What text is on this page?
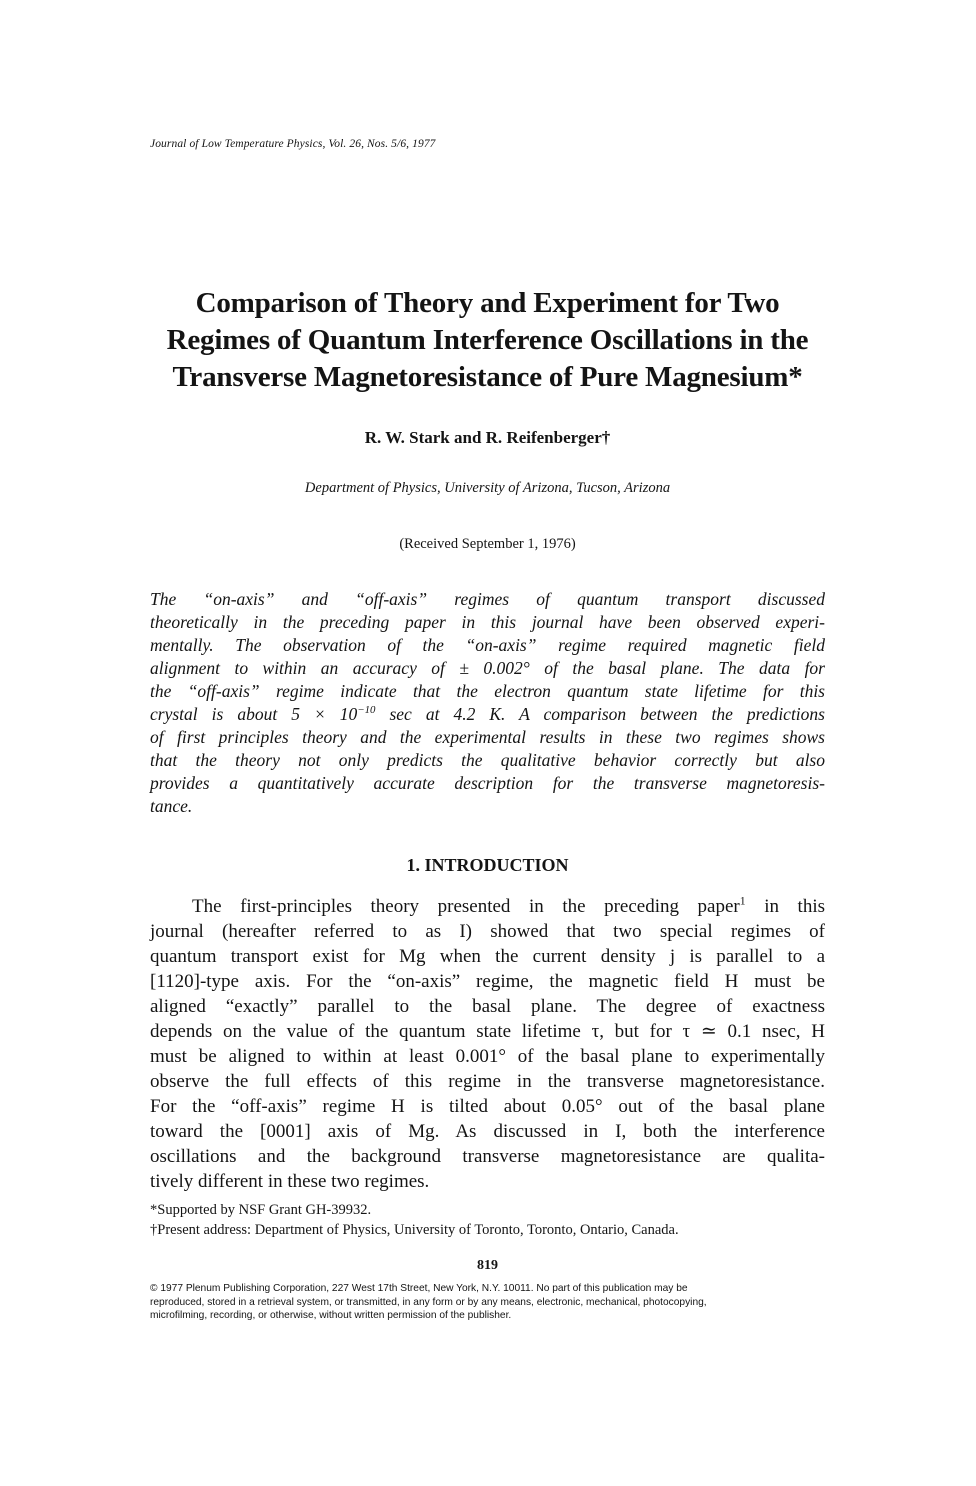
Journal of Low Temperature Physics, Vol. 26, Nos. 5/6, 1977
Comparison of Theory and Experiment for Two
Regimes of Quantum Interference Oscillations in the
Transverse Magnetoresistance of Pure Magnesium*
R. W. Stark and R. Reifenberger†
Department of Physics, University of Arizona, Tucson, Arizona
(Received September 1, 1976)
The “on-axis” and “off-axis” regimes of quantum transport discussed
theoretically in the preceding paper in this journal have been observed experi-
mentally. The observation of the “on-axis” regime required magnetic field
alignment to within an accuracy of ± 0.002° of the basal plane. The data for
the “off-axis” regime indicate that the electron quantum state lifetime for this
crystal is about $5 \times 10^{-10}$ sec at 4.2 K. A comparison between the predictions
of first principles theory and the experimental results in these two regimes shows
that the theory not only predicts the qualitative behavior correctly but also
provides a quantitatively accurate description for the transverse magnetoresis-
tance.
1. INTRODUCTION
The first-principles theory presented in the preceding paper$^1$ in this
journal (hereafter referred to as I) showed that two special regimes of
quantum transport exist for Mg when the current density j is parallel to a
[1120]-type axis. For the “on-axis” regime, the magnetic field H must be
aligned “exactly” parallel to the basal plane. The degree of exactness
depends on the value of the quantum state lifetime τ, but for τ ≃ 0.1 nsec, H
must be aligned to within at least 0.001° of the basal plane to experimentally
observe the full effects of this regime in the transverse magnetoresistance.
For the “off-axis” regime H is tilted about 0.05° out of the basal plane
toward the [0001] axis of Mg. As discussed in I, both the interference
oscillations and the background transverse magnetoresistance are qualita-
tively different in these two regimes.
*Supported by NSF Grant GH-39932.
†Present address: Department of Physics, University of Toronto, Toronto, Ontario, Canada.
819
© 1977 Plenum Publishing Corporation, 227 West 17th Street, New York, N.Y. 10011. No part of this publication may be
reproduced, stored in a retrieval system, or transmitted, in any form or by any means, electronic, mechanical, photocopying,
microfilming, recording, or otherwise, without written permission of the publisher.
